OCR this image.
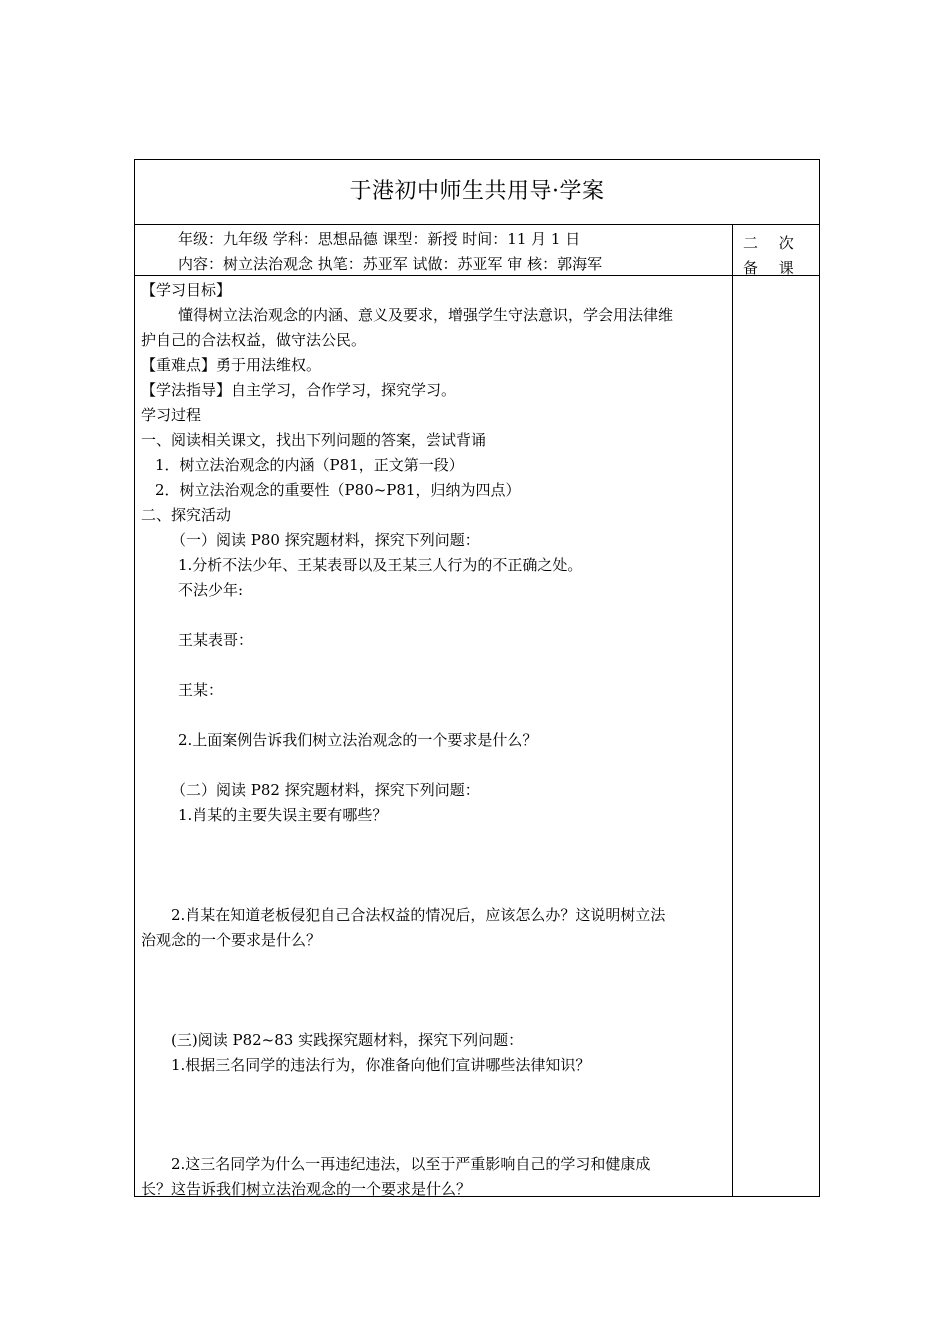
于港初中师生共用导·学案
年级：九年级 学科：思想品德 课型：新授 时间：11 月 1 日
内容：树立法治观念 执笔：苏亚军 试做：苏亚军 审 核：郭海军
二 次
备 课
【学习目标】
懂得树立法治观念的内涵、意义及要求，增强学生守法意识，学会用法律维
护自己的合法权益，做守法公民。
【重难点】勇于用法维权。
【学法指导】自主学习，合作学习，探究学习。
学习过程
一、阅读相关课文，找出下列问题的答案，尝试背诵
1．树立法治观念的内涵（P81，正文第一段）
2．树立法治观念的重要性（P80~P81，归纳为四点）
二、探究活动
（一）阅读 P80 探究题材料，探究下列问题：
1.分析不法少年、王某表哥以及王某三人行为的不正确之处。
不法少年:
王某表哥：
王某：
2.上面案例告诉我们树立法治观念的一个要求是什么？
（二）阅读 P82 探究题材料，探究下列问题：
1.肖某的主要失误主要有哪些？
2.肖某在知道老板侵犯自己合法权益的情况后，应该怎么办？这说明树立法
治观念的一个要求是什么？
(三)阅读 P82~83 实践探究题材料，探究下列问题：
1.根据三名同学的违法行为，你准备向他们宣讲哪些法律知识？
2.这三名同学为什么一再违纪违法，以至于严重影响自己的学习和健康成
长？这告诉我们树立法治观念的一个要求是什么？
